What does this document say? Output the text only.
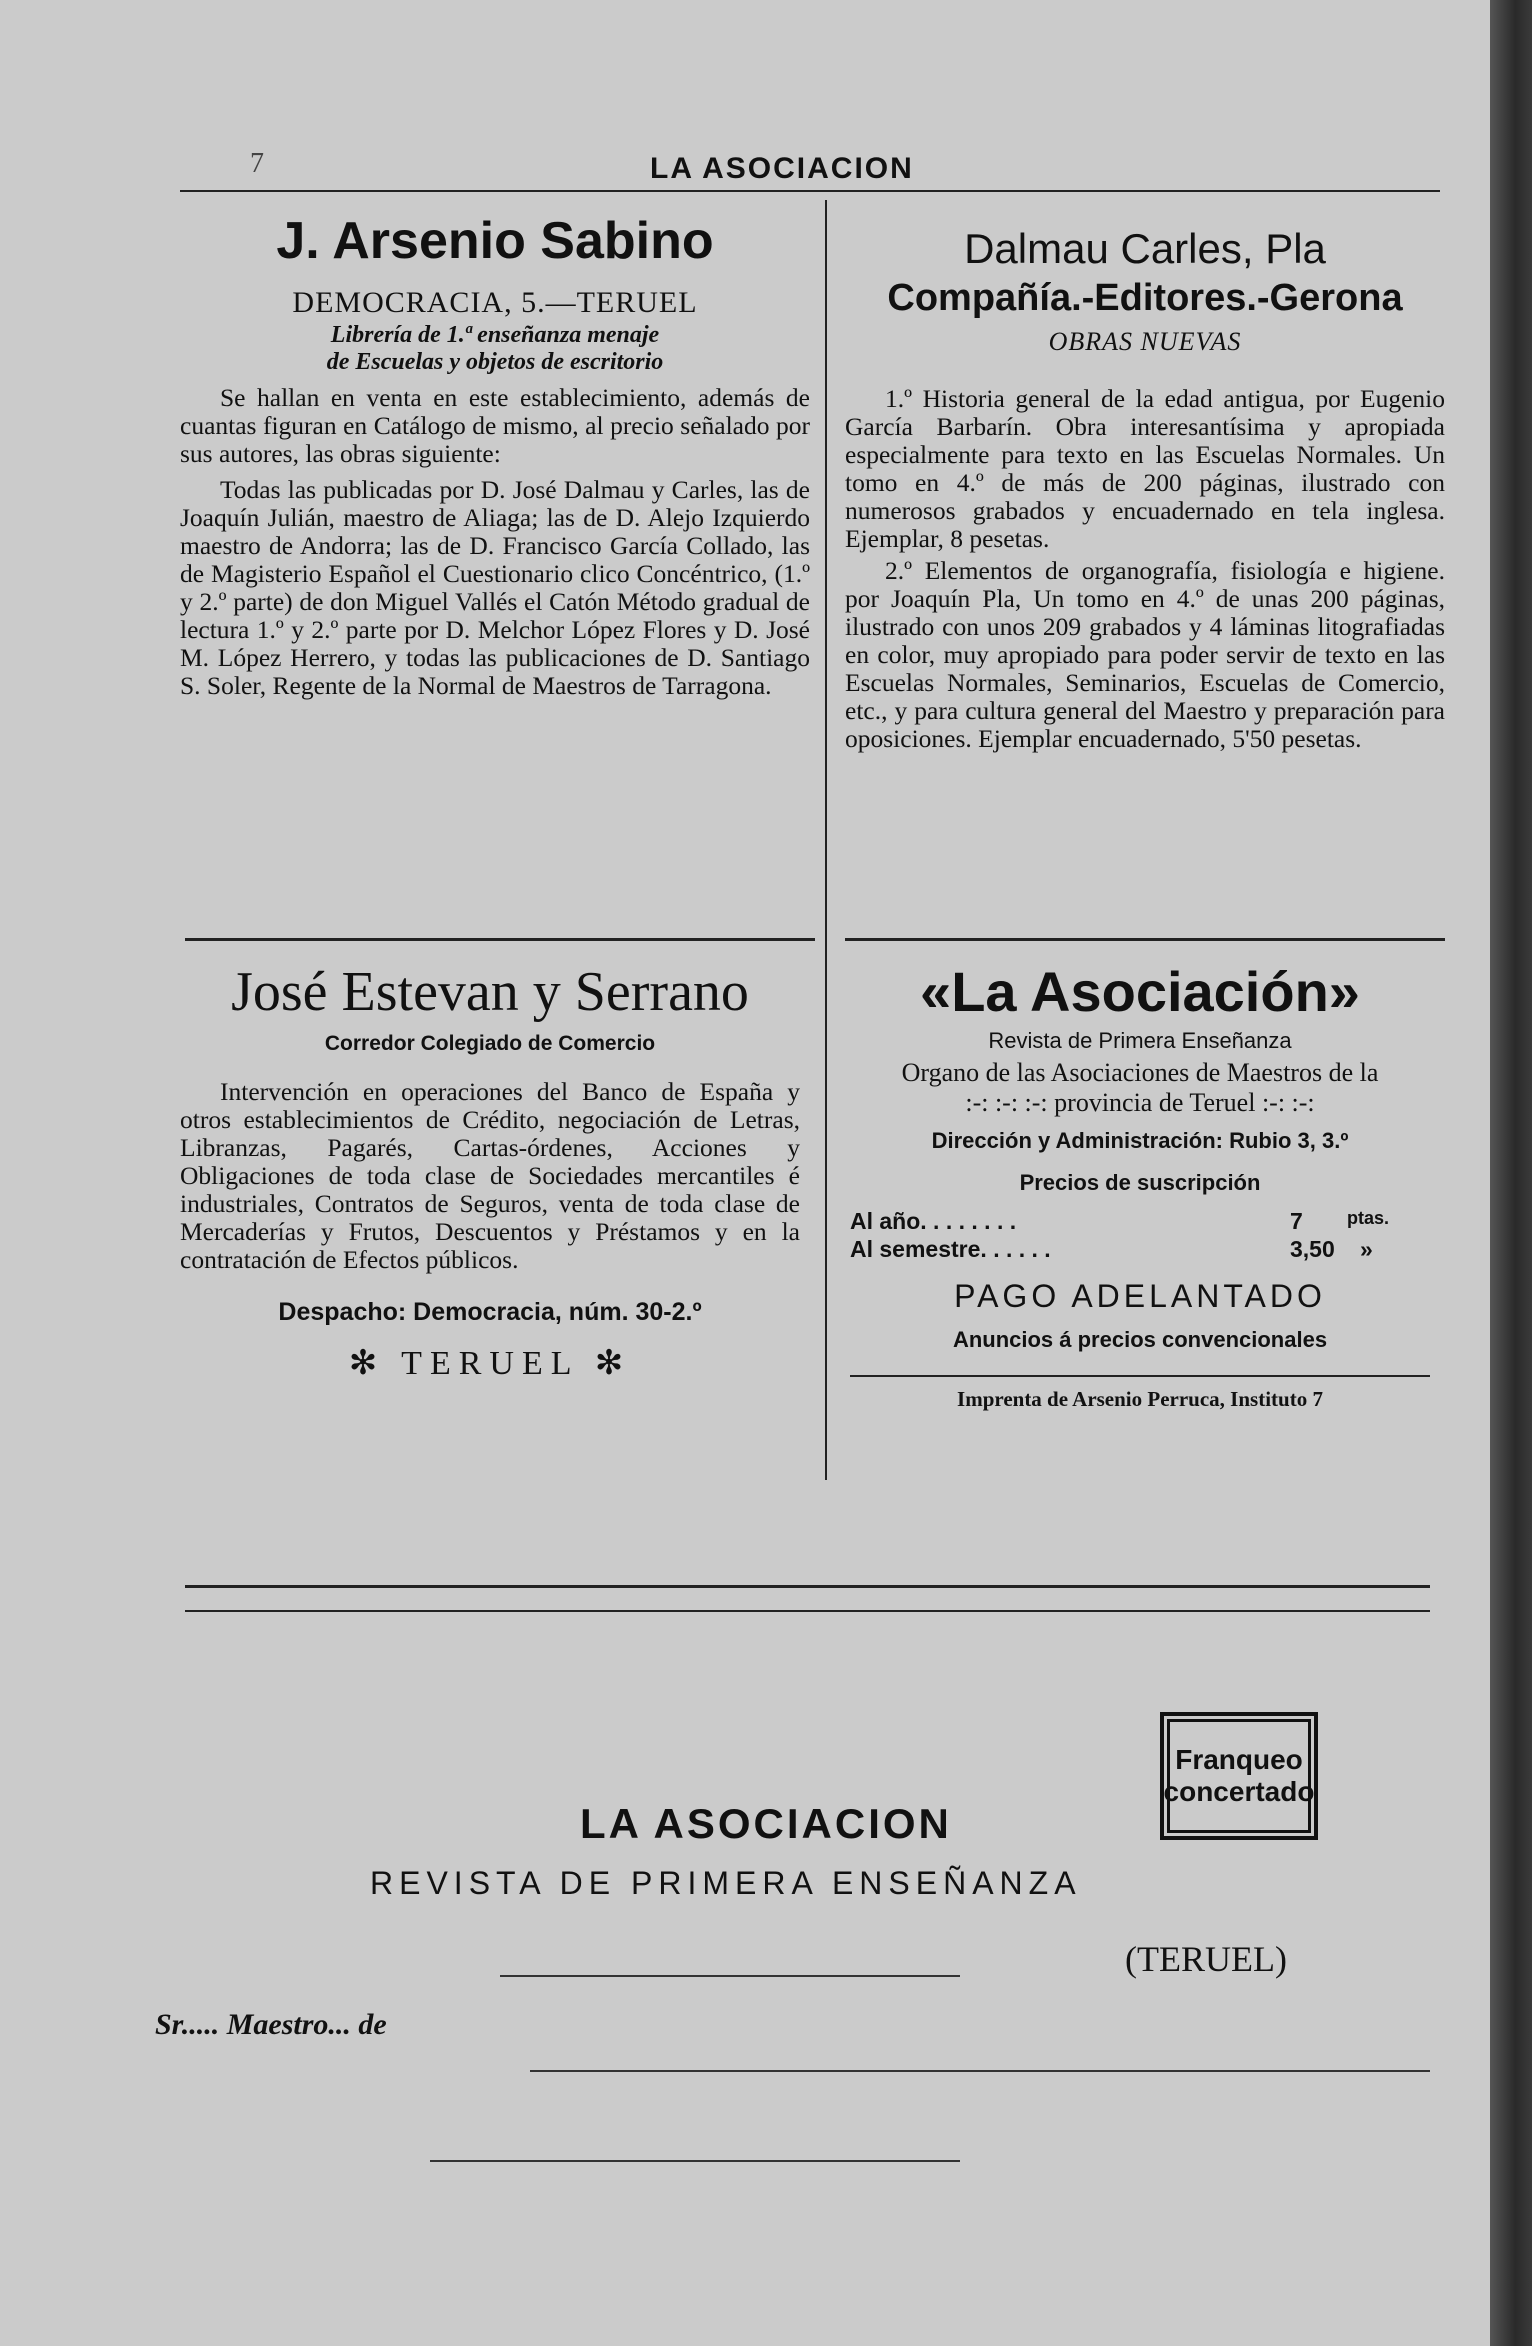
7	LA ASOCIACION
J. Arsenio Sabino
DEMOCRACIA, 5.—TERUEL
Librería de 1.ª enseñanza menaje
de Escuelas y objetos de escritorio

Se hallan en venta en este establecimiento, además de cuantas figuran en Catálogo de mismo, al precio señalado por sus autores, las obras siguiente:

Todas las publicadas por D. José Dalmau y Carles, las de Joaquín Julián, maestro de Aliaga; las de D. Alejo Izquierdo maestro de Andorra; las de D. Francisco García Collado, las de Magisterio Español el Cuestionario clico Concéntrico, (1.º y 2.º parte) de don Miguel Vallés el Catón Método gradual de lectura 1.º y 2.º parte por D. Melchor López Flores y D. José M. López Herrero, y todas las publicaciones de D. Santiago S. Soler, Regente de la Normal de Maestros de Tarragona.

Dalmau Carles, Pla
Compañía.-Editores.-Gerona
OBRAS NUEVAS

1.º Historia general de la edad antigua, por Eugenio García Barbarín. Obra interesantísima y apropiada especialmente para texto en las Escuelas Normales. Un tomo en 4.º de más de 200 páginas, ilustrado con numerosos grabados y encuadernado en tela inglesa. Ejemplar, 8 pesetas.

2.º Elementos de organografía, fisiología e higiene. por Joaquín Pla, Un tomo en 4.º de unas 200 páginas, ilustrado con unos 209 grabados y 4 láminas litografiadas en color, muy apropiado para poder servir de texto en las Escuelas Normales, Seminarios, Escuelas de Comercio, etc., y para cultura general del Maestro y preparación para oposiciones. Ejemplar encuadernado, 5'50 pesetas.

José Estevan y Serrano
Corredor Colegiado de Comercio

Intervención en operaciones del Banco de España y otros establecimientos de Crédito, negociación de Letras, Libranzas, Pagarés, Cartas-órdenes, Acciones y Obligaciones de toda clase de Sociedades mercantiles é industriales, Contratos de Seguros, venta de toda clase de Mercaderías y Frutos, Descuentos y Préstamos y en la contratación de Efectos públicos.

Despacho: Democracia, núm. 30-2.º
✻ TERUEL ✻
«La Asociación»
Revista de Primera Enseñanza
Organo de las Asociaciones de Maestros de la
:-: :-: :-: provincia de Teruel :-: :-:
Dirección y Administración: Rubio 3, 3.º
Precios de suscripción
Al año. . . . . . . .	7 ptas.
Al semestre. . . . . .	3,50 »
PAGO ADELANTADO
Anuncios á precios convencionales
Imprenta de Arsenio Perruca, Instituto 7
Franqueo
concertado
LA ASOCIACION
REVISTA DE PRIMERA ENSEÑANZA
(TERUEL)
Sr..... Maestro... de
